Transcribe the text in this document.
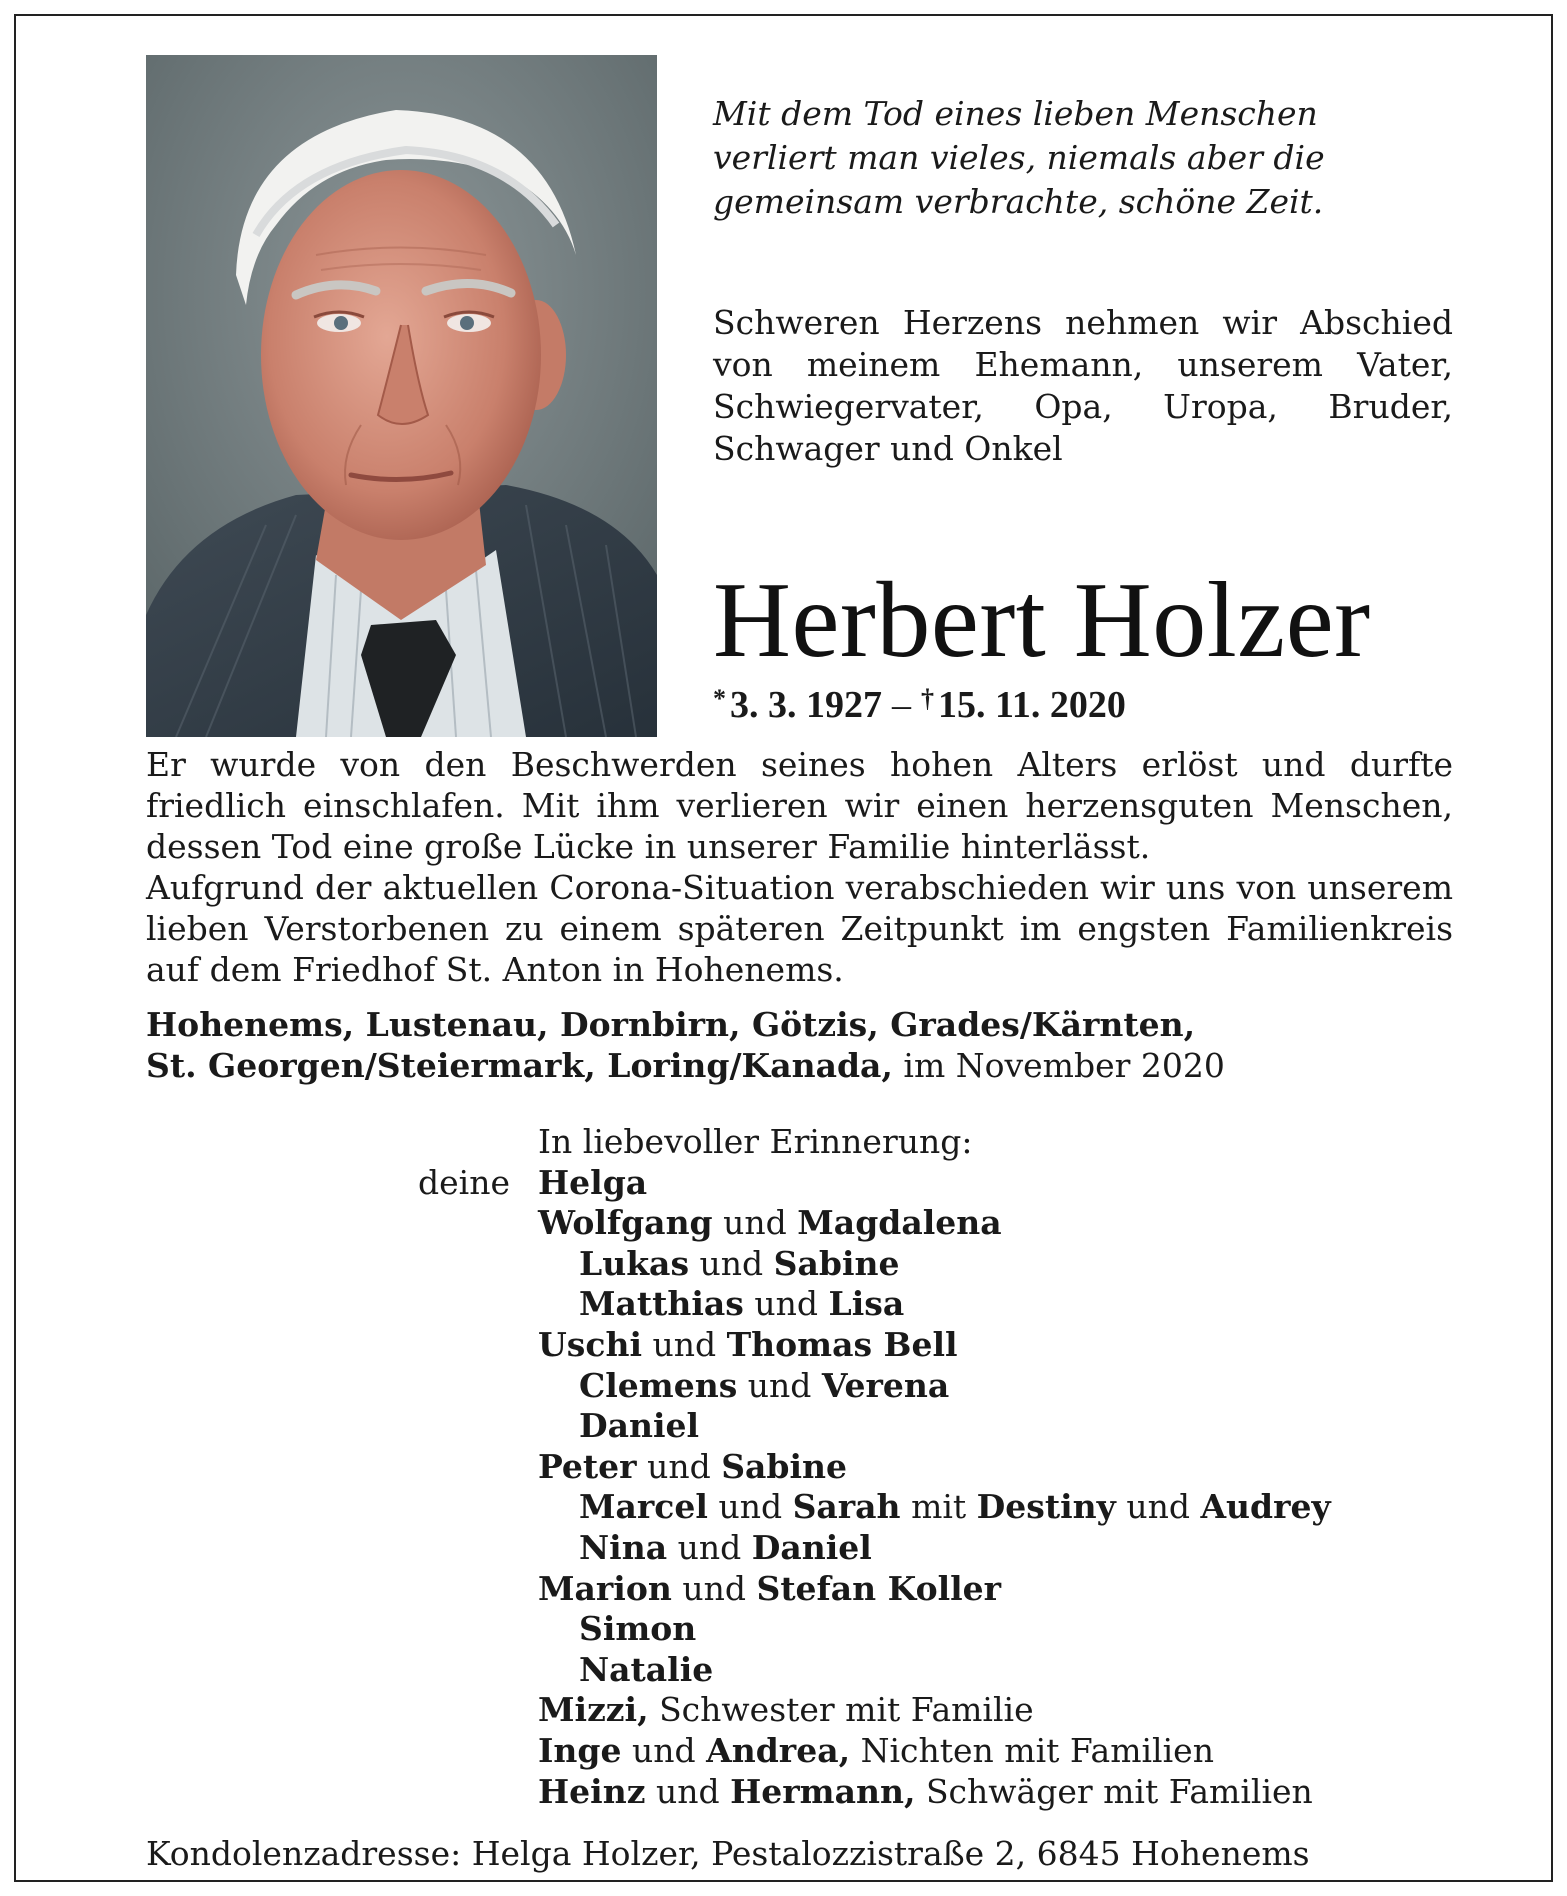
Mit dem Tod eines lieben Menschen
verliert man vieles, niemals aber die
gemeinsam verbrachte, schöne Zeit.
Schweren Herzens nehmen wir Abschied von meinem Ehemann, unserem Vater, Schwiegervater, Opa, Uropa, Bruder, Schwager und Onkel
Herbert Holzer
* 3. 3. 1927 – † 15. 11. 2020

Er wurde von den Beschwerden seines hohen Alters erlöst und durfte friedlich einschlafen. Mit ihm verlieren wir einen herzensguten Menschen, dessen Tod eine große Lücke in unserer Familie hinterlässt.

Aufgrund der aktuellen Corona-Situation verabschieden wir uns von unserem lieben Verstorbenen zu einem späteren Zeitpunkt im engsten Familienkreis auf dem Friedhof St. Anton in Hohenems.

Hohenems, Lustenau, Dornbirn, Götzis, Grades/Kärnten,
St. Georgen/Steiermark, Loring/Kanada, im November 2020
In liebevoller Erinnerung:
deine Helga
Wolfgang und Magdalena
Lukas und Sabine
Matthias und Lisa
Uschi und Thomas Bell
Clemens und Verena
Daniel
Peter und Sabine
Marcel und Sarah mit Destiny und Audrey
Nina und Daniel
Marion und Stefan Koller
Simon
Natalie
Mizzi, Schwester mit Familie
Inge und Andrea, Nichten mit Familien
Heinz und Hermann, Schwäger mit Familien
Kondolenzadresse: Helga Holzer, Pestalozzistraße 2, 6845 Hohenems
